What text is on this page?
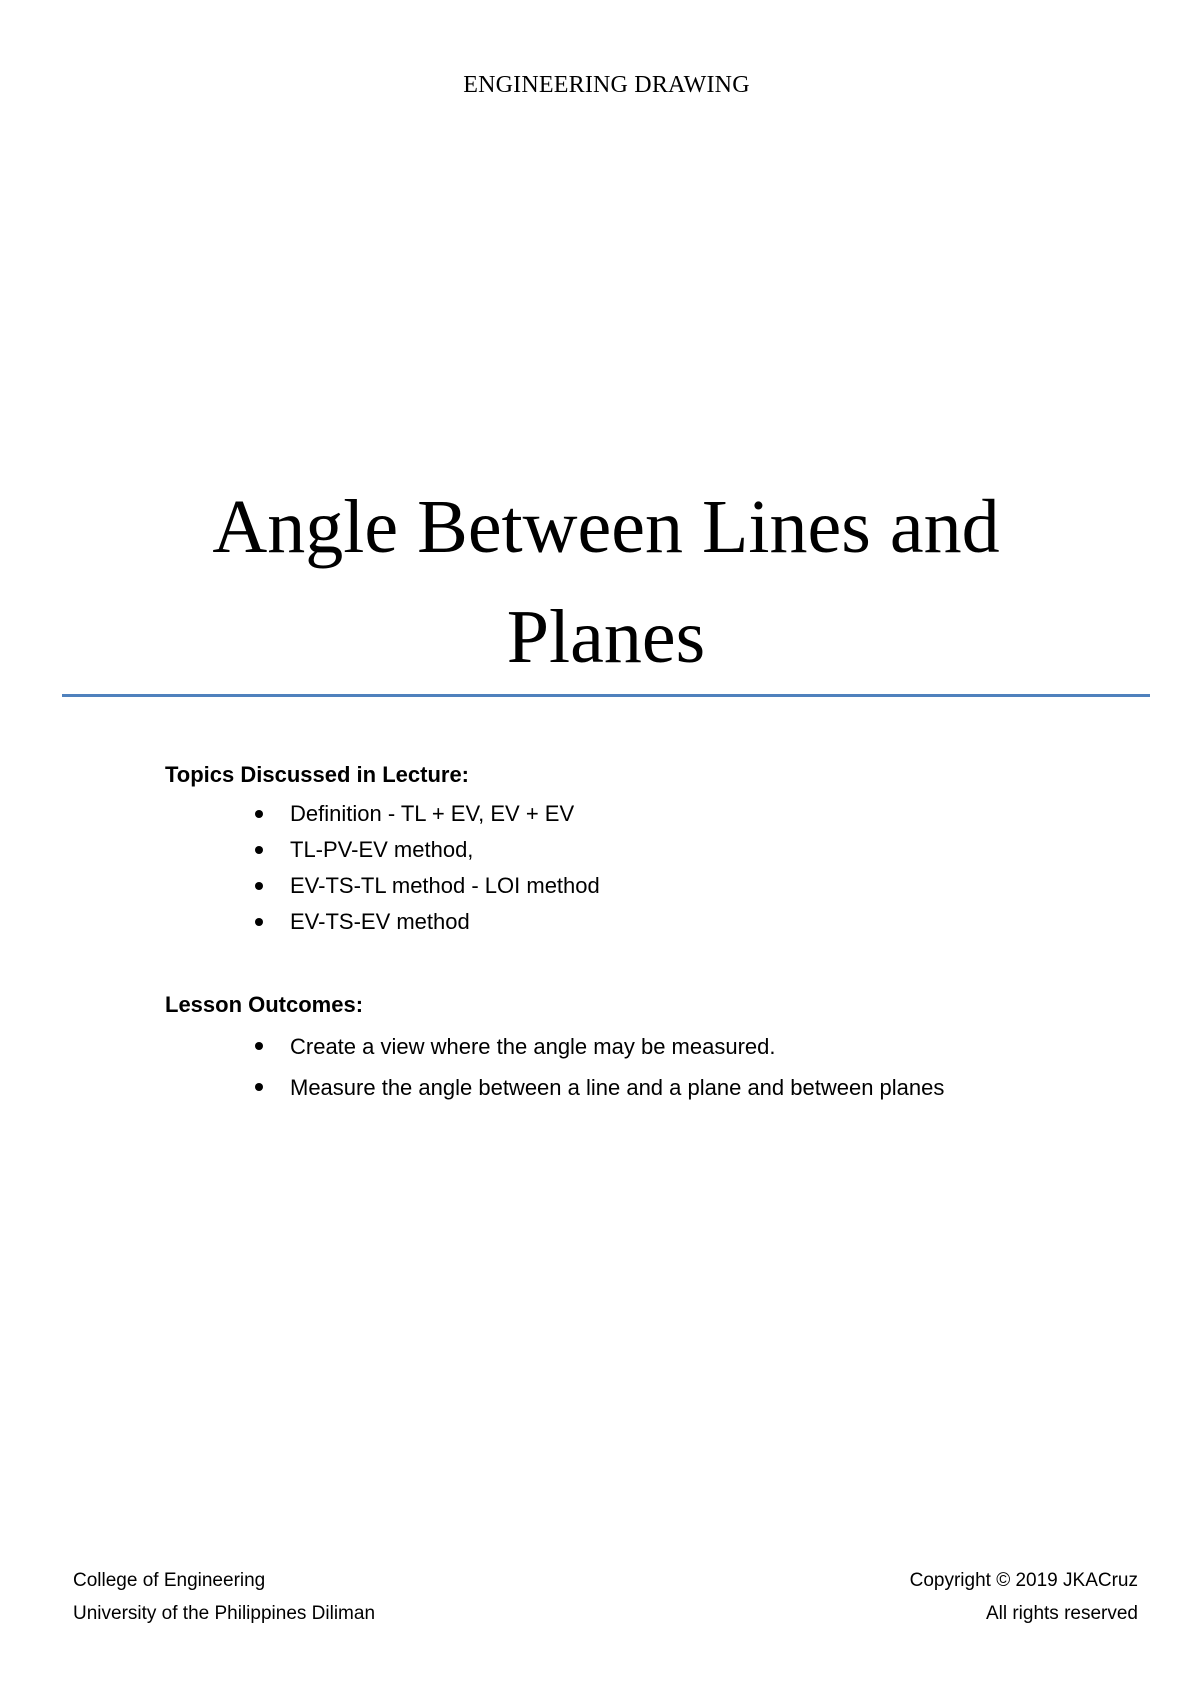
ENGINEERING DRAWING
Angle Between Lines and
Planes
Topics Discussed in Lecture:
Definition - TL + EV, EV + EV
TL-PV-EV method,
EV-TS-TL method - LOI method
EV-TS-EV method
Lesson Outcomes:
Create a view where the angle may be measured.
Measure the angle between a line and a plane and between planes
College of Engineering
University of the Philippines Diliman
Copyright © 2019 JKACruz
All rights reserved
